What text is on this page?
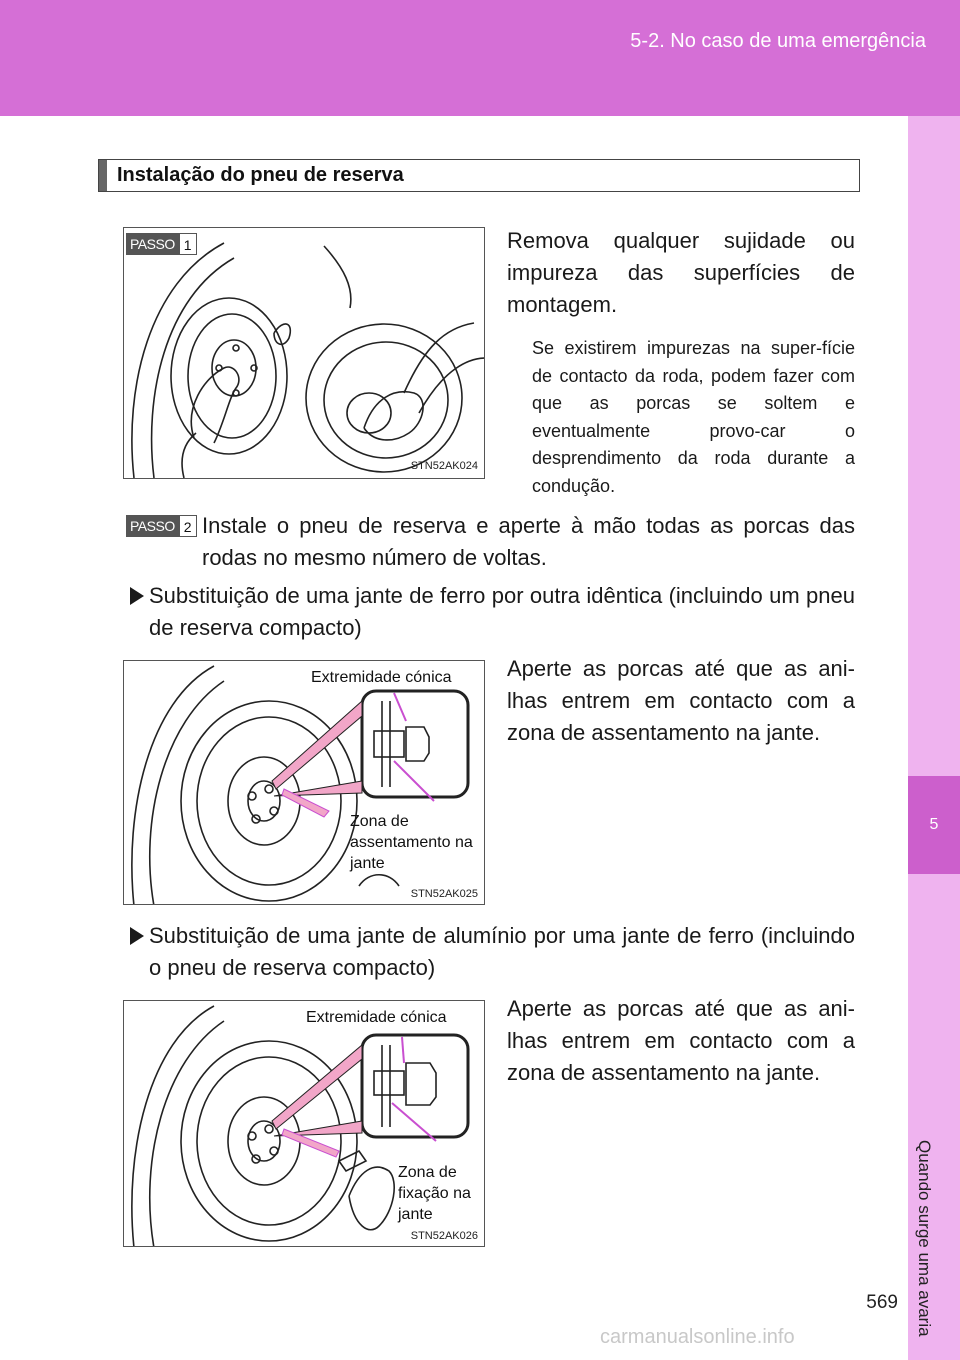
5-2. No caso de uma emergência
5
Quando surge uma avaria
Instalação do pneu de reserva
STN52AK024
PASSO 1	Remova qualquer sujidade ou impureza das superfícies de montagem.
Se existirem impurezas na super-fície de contacto da roda, podem fazer com que as porcas se soltem e eventualmente provo-car o desprendimento da roda durante a condução.
PASSO 2 Instale o pneu de reserva e aperte à mão todas as porcas das rodas no mesmo número de voltas.
Substituição de uma jante de ferro por outra idêntica (incluindo um pneu de reserva compacto)
Extremidade cónica
Zona de assentamento na jante
STN52AK025
Aperte as porcas até que as ani-lhas entrem em contacto com a zona de assentamento na jante.
Substituição de uma jante de alumínio por uma jante de ferro (incluindo o pneu de reserva compacto)
Extremidade cónica
Zona de fixação na jante
STN52AK026
Aperte as porcas até que as ani-lhas entrem em contacto com a zona de assentamento na jante.
569
carmanualsonline.info
